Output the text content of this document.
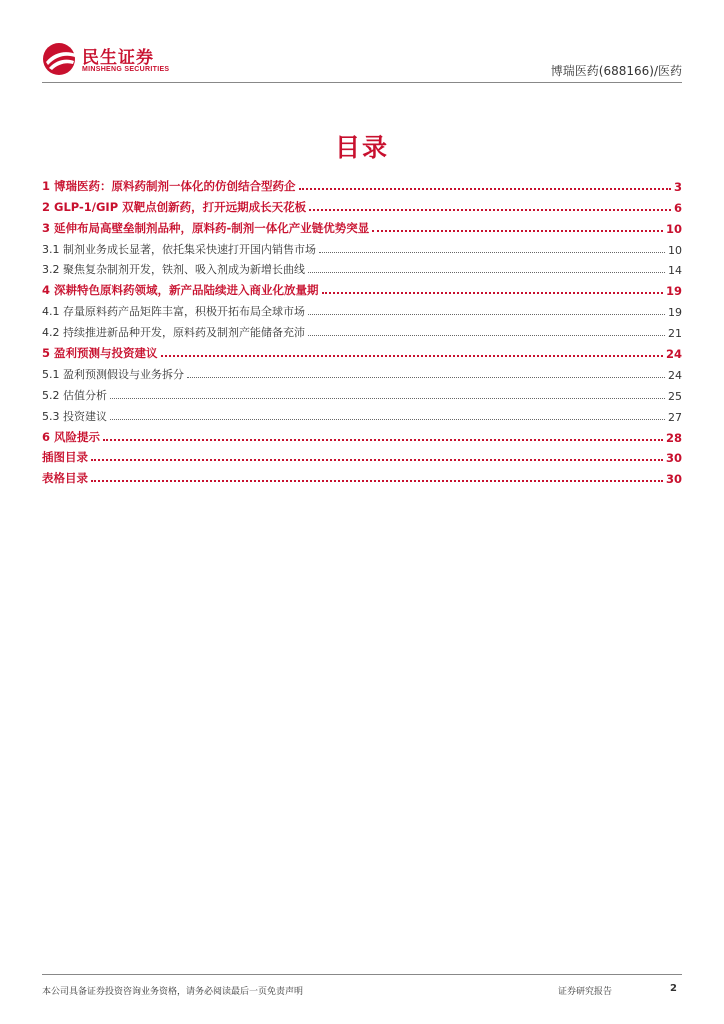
民生证券
MINSHENG SECURITIES	博瑞医药(688166)/医药
目录
1 博瑞医药：原料药制剂一体化的仿创结合型药企	3
2 GLP-1/GIP 双靶点创新药，打开远期成长天花板	6
3 延伸布局高壁垒制剂品种，原料药-制剂一体化产业链优势突显	10
3.1 制剂业务成长显著，依托集采快速打开国内销售市场	10
3.2 聚焦复杂制剂开发，铁剂、吸入剂成为新增长曲线	14
4 深耕特色原料药领域，新产品陆续进入商业化放量期	19
4.1 存量原料药产品矩阵丰富，积极开拓布局全球市场	19
4.2 持续推进新品种开发，原料药及制剂产能储备充沛	21
5 盈利预测与投资建议	24
5.1 盈利预测假设与业务拆分	24
5.2 估值分析	25
5.3 投资建议	27
6 风险提示	28
插图目录	30
表格目录	30
本公司具备证券投资咨询业务资格，请务必阅读最后一页免责声明	证券研究报告	2
